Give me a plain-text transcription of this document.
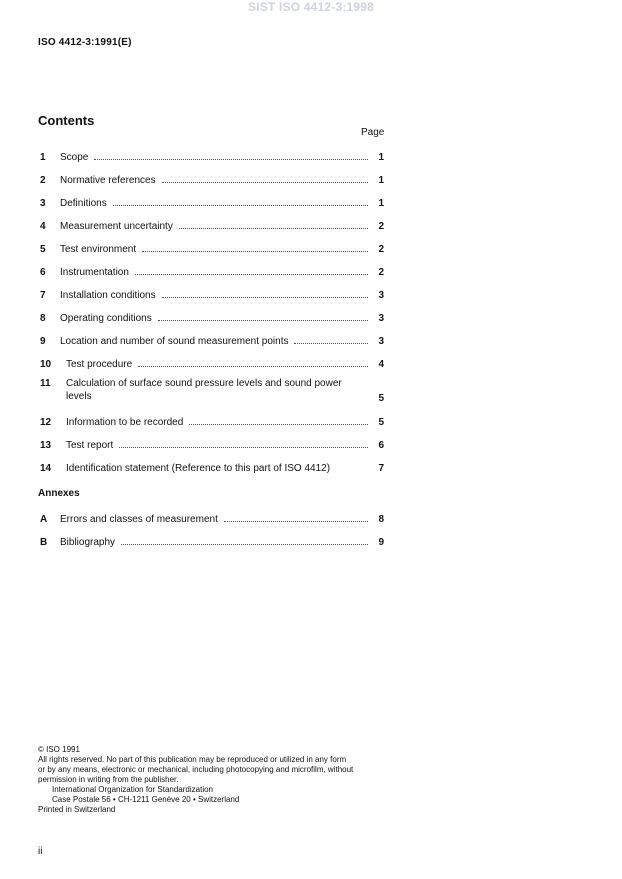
SIST ISO 4412-3:1998
ISO 4412-3:1991(E)
Contents
Page
1	Scope	1
2	Normative references	1
3	Definitions	1
4	Measurement uncertainty	2
5	Test environment	2
6	Instrumentation	2
7	Installation conditions	3
8	Operating conditions	3
9	Location and number of sound measurement points	3
10	Test procedure	4
11	Calculation of surface sound pressure levels and sound power
levels	5
12	Information to be recorded	5
13	Test report	6
14	Identification statement (Reference to this part of ISO 4412)	7
A	Errors and classes of measurement	8
B	Bibliography	9
Annexes
© ISO 1991
All rights reserved. No part of this publication may be reproduced or utilized in any form
or by any means, electronic or mechanical, including photocopying and microfilm, without
permission in writing from the publisher.
International Organization for Standardization
Case Postale 56 • CH-1211 Genève 20 • Switzerland
Printed in Switzerland
ii
